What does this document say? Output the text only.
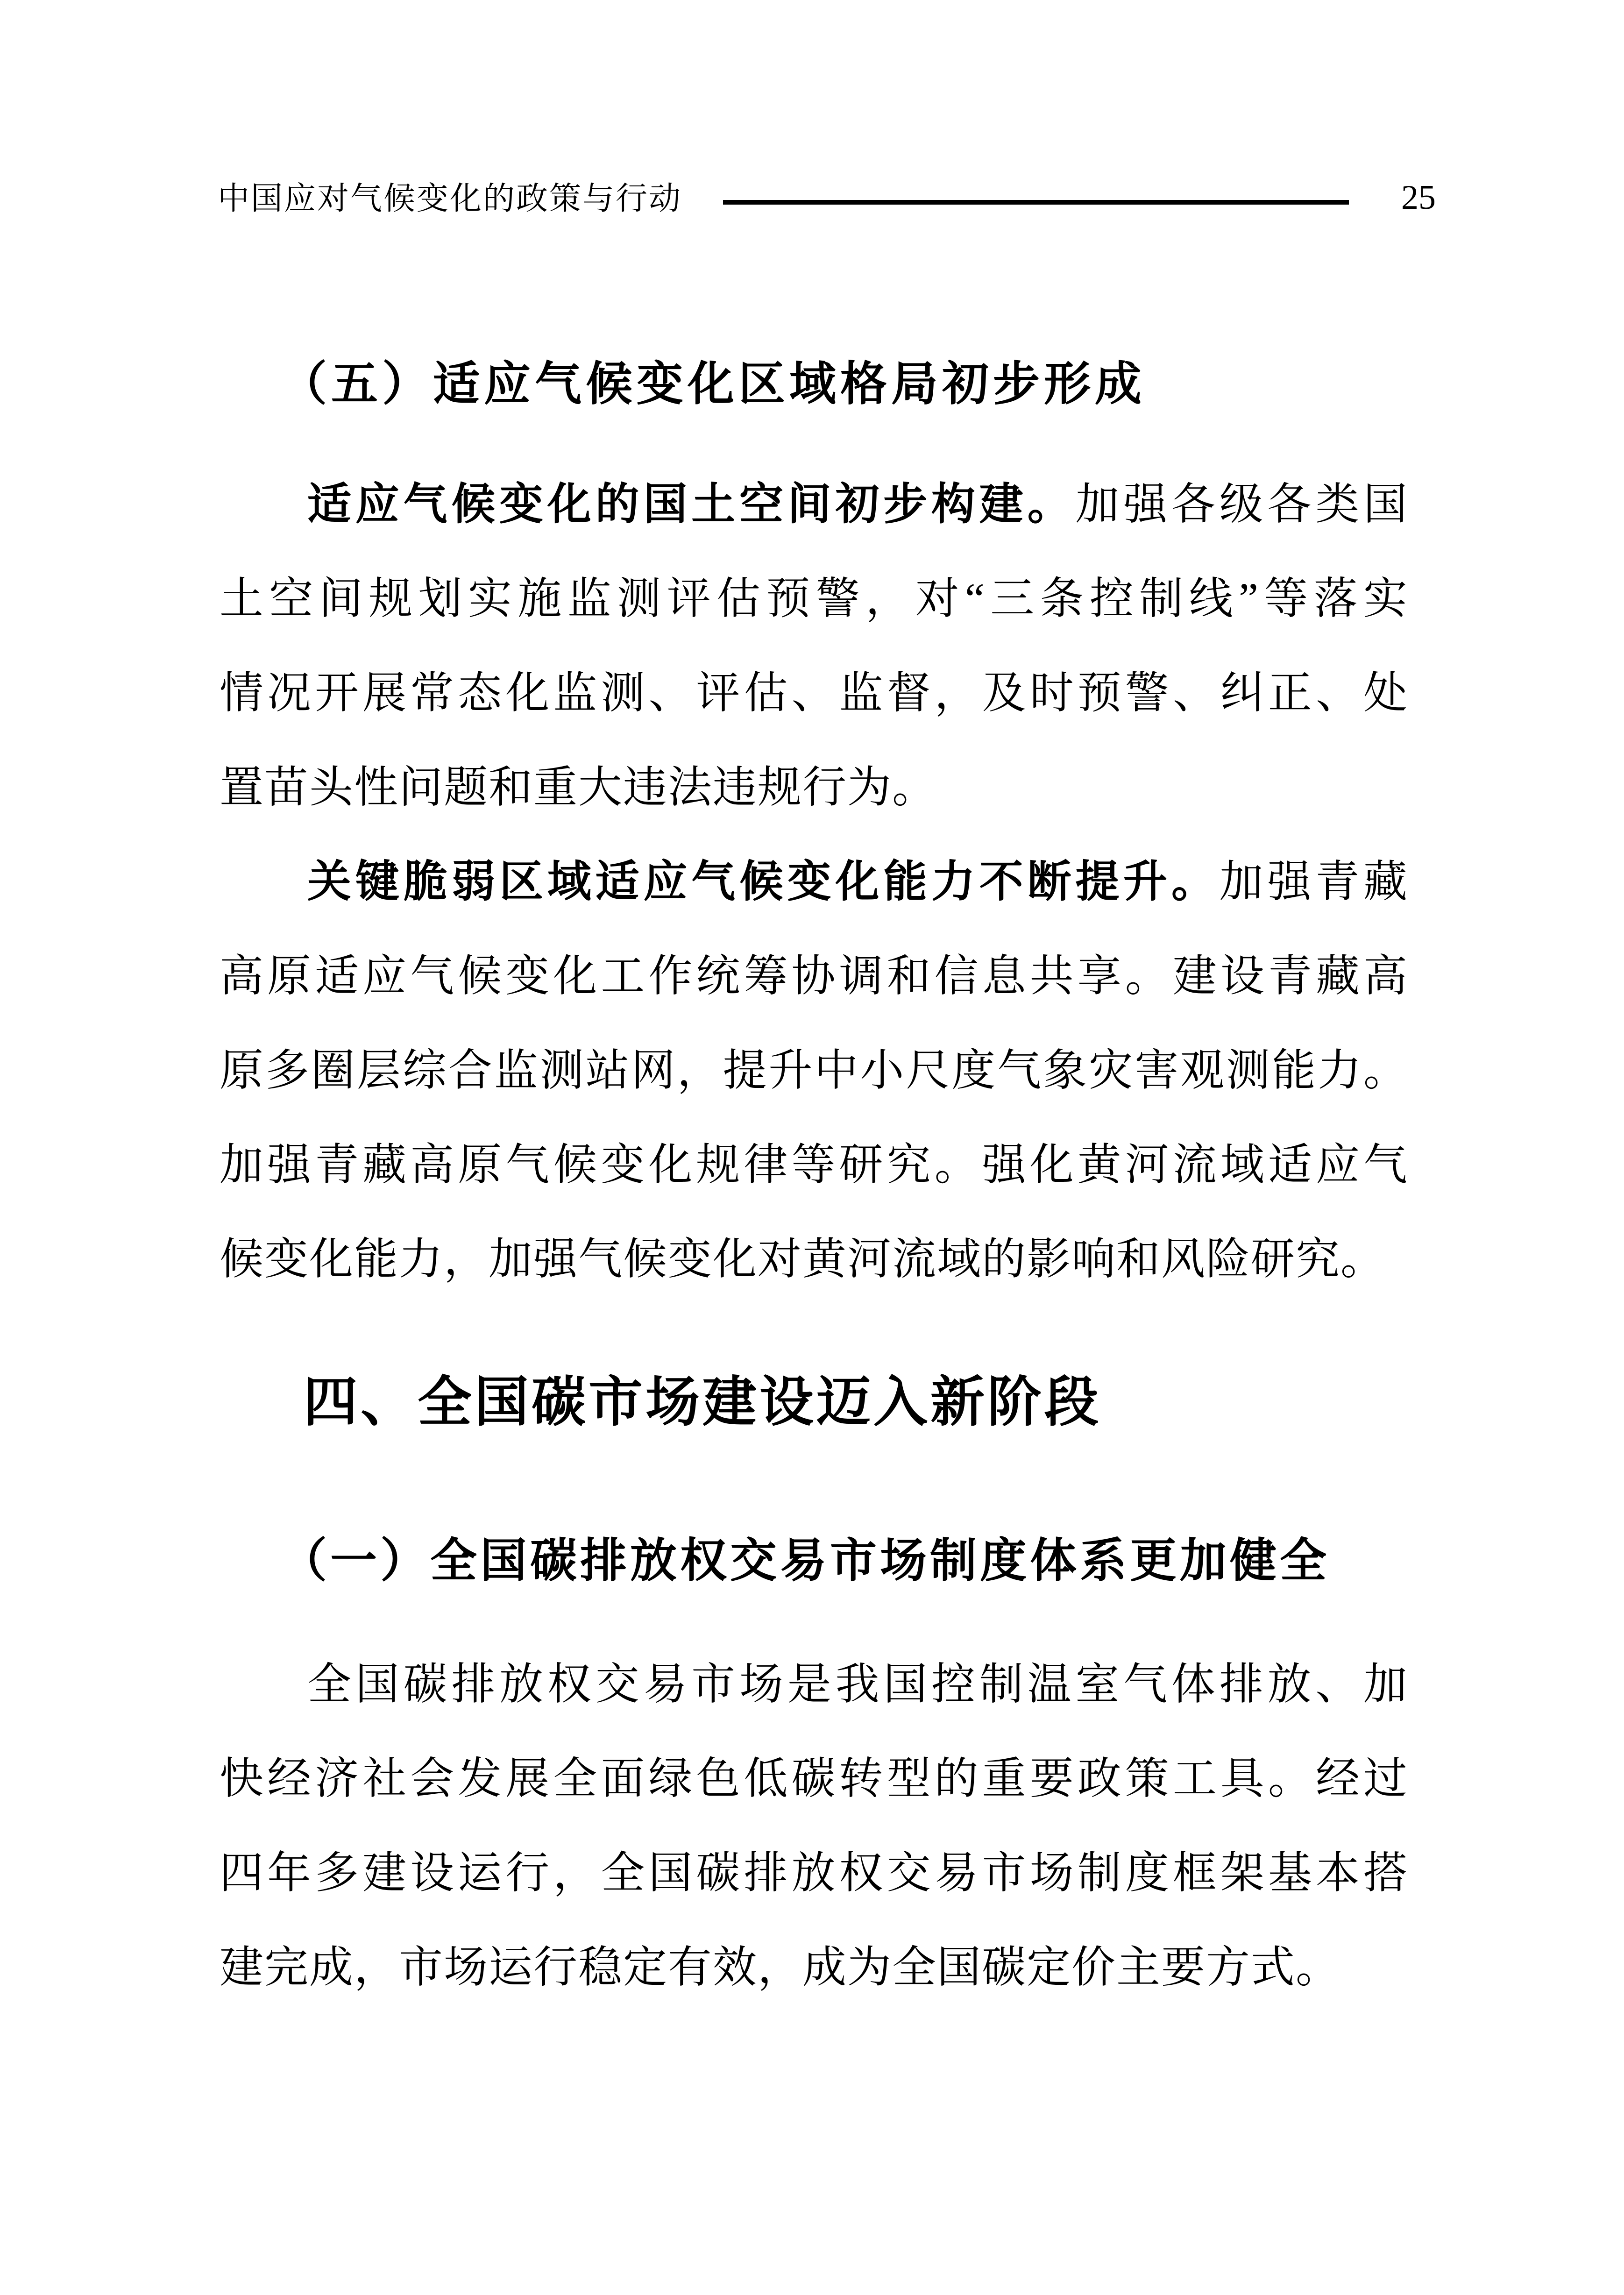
中国应对气候变化的政策与行动	25
（五）适应气候变化区域格局初步形成
适应气候变化的国土空间初步构建。加强各级各类国
土空间规划实施监测评估预警，对“三条控制线”等落实
情况开展常态化监测、评估、监督，及时预警、纠正、处
置苗头性问题和重大违法违规行为。
关键脆弱区域适应气候变化能力不断提升。加强青藏
高原适应气候变化工作统筹协调和信息共享。建设青藏高
原多圈层综合监测站网，提升中小尺度气象灾害观测能力。
加强青藏高原气候变化规律等研究。强化黄河流域适应气
候变化能力，加强气候变化对黄河流域的影响和风险研究。
四、全国碳市场建设迈入新阶段
（一）全国碳排放权交易市场制度体系更加健全
全国碳排放权交易市场是我国控制温室气体排放、加
快经济社会发展全面绿色低碳转型的重要政策工具。经过
四年多建设运行，全国碳排放权交易市场制度框架基本搭
建完成，市场运行稳定有效，成为全国碳定价主要方式。
